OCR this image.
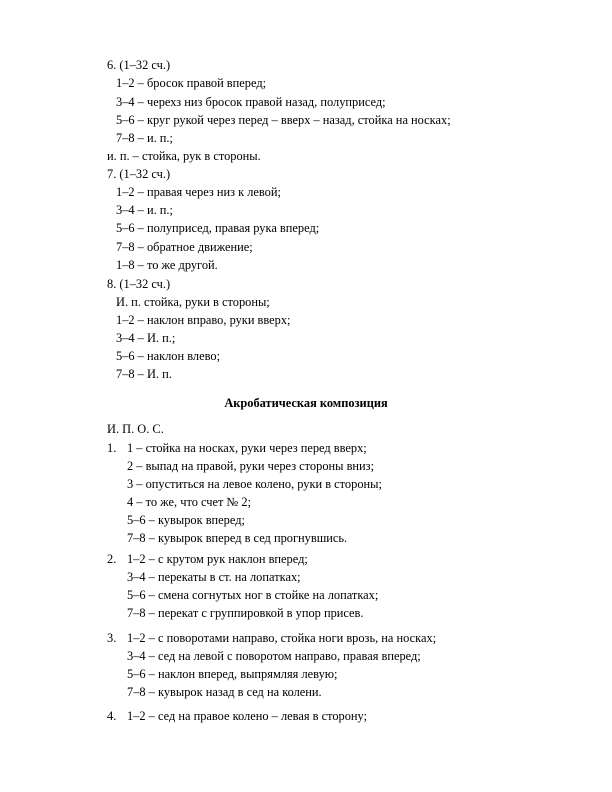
6. (1–32 сч.)
1–2 – бросок правой вперед;
3–4 – черехз низ бросок правой назад, полуприсед;
5–6 – круг рукой через перед – вверх – назад, стойка на носках;
7–8 – и. п.;
и. п. – стойка, рук в стороны.
7. (1–32 сч.)
1–2 – правая через низ к левой;
3–4 – и. п.;
5–6 – полуприсед, правая рука вперед;
7–8 – обратное движение;
1–8 – то же другой.
8. (1–32 сч.)
И. п. стойка, руки в стороны;
1–2 – наклон вправо, руки вверх;
3–4 – И. п.;
5–6 – наклон влево;
7–8 – И. п.
Акробатическая композиция
И. П. О. С.
1. 1 – стойка на носках, руки через перед вверх;
2 – выпад на правой, руки через стороны вниз;
3 – опуститься на левое колено, руки в стороны;
4 – то же, что счет № 2;
5–6 – кувырок вперед;
7–8 – кувырок вперед в сед прогнувшись.
2. 1–2 – с крутом рук наклон вперед;
3–4 – перекаты в ст. на лопатках;
5–6 – смена согнутых ног в стойке на лопатках;
7–8 – перекат с группировкой в упор присев.
3. 1–2 – с поворотами направо, стойка ноги врозь, на носках;
3–4 – сед на левой с поворотом направо, правая вперед;
5–6 – наклон вперед, выпрямляя левую;
7–8 – кувырок назад в сед на колени.
4. 1–2 – сед на правое колено – левая в сторону;
